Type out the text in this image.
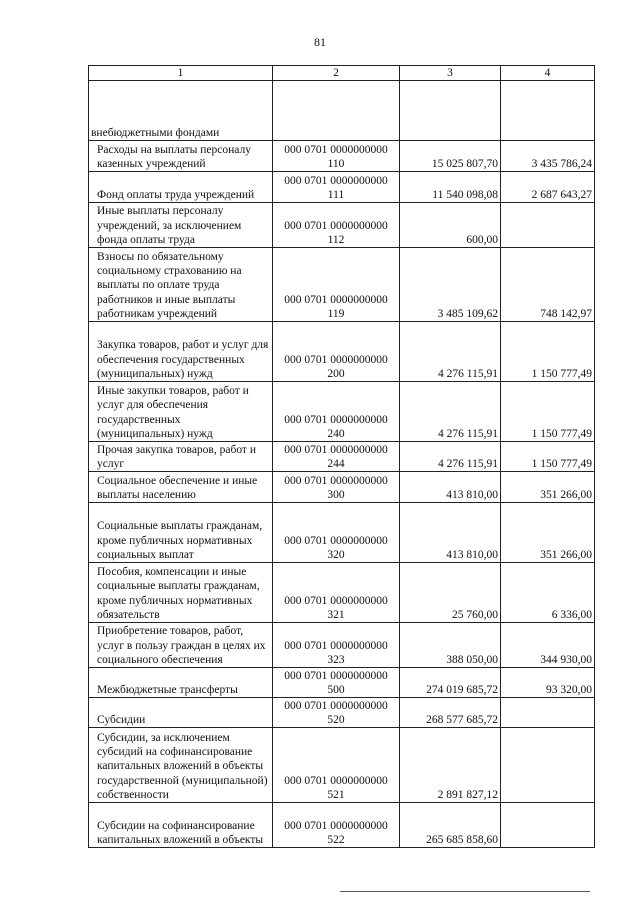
81
1	2	3	4
внебюджетными фондами	

Расходы на выплаты персоналу казенных учреждений	000 0701 0000000000
110	15 025 807,70	3 435 786,24

Фонд оплаты труда учреждений	000 0701 0000000000
111	11 540 098,08	2 687 643,27

Иные выплаты персоналу учреждений, за исключением фонда оплаты труда	000 0701 0000000000
112	600,00	

Взносы по обязательному социальному страхованию на выплаты по оплате труда работников и иные выплаты работникам учреждений	000 0701 0000000000
119	3 485 109,62	748 142,97

Закупка товаров, работ и услуг для обеспечения государственных (муниципальных) нужд	000 0701 0000000000
200	4 276 115,91	1 150 777,49

Иные закупки товаров, работ и услуг для обеспечения государственных (муниципальных) нужд	000 0701 0000000000
240	4 276 115,91	1 150 777,49

Прочая закупка товаров, работ и услуг	000 0701 0000000000
244	4 276 115,91	1 150 777,49

Социальное обеспечение и иные выплаты населению	000 0701 0000000000
300	413 810,00	351 266,00

Социальные выплаты гражданам, кроме публичных нормативных социальных выплат	000 0701 0000000000
320	413 810,00	351 266,00

Пособия, компенсации и иные социальные выплаты гражданам, кроме публичных нормативных обязательств	000 0701 0000000000
321	25 760,00	6 336,00

Приобретение товаров, работ, услуг в пользу граждан в целях их социального обеспечения	000 0701 0000000000
323	388 050,00	344 930,00

Межбюджетные трансферты	000 0701 0000000000
500	274 019 685,72	93 320,00

Субсидии	000 0701 0000000000
520	268 577 685,72	

Субсидии, за исключением субсидий на софинансирование капитальных вложений в объекты государственной (муниципальной) собственности	000 0701 0000000000
521	2 891 827,12	

Субсидии на софинансирование капитальных вложений в объекты	000 0701 0000000000
522	265 685 858,60	
